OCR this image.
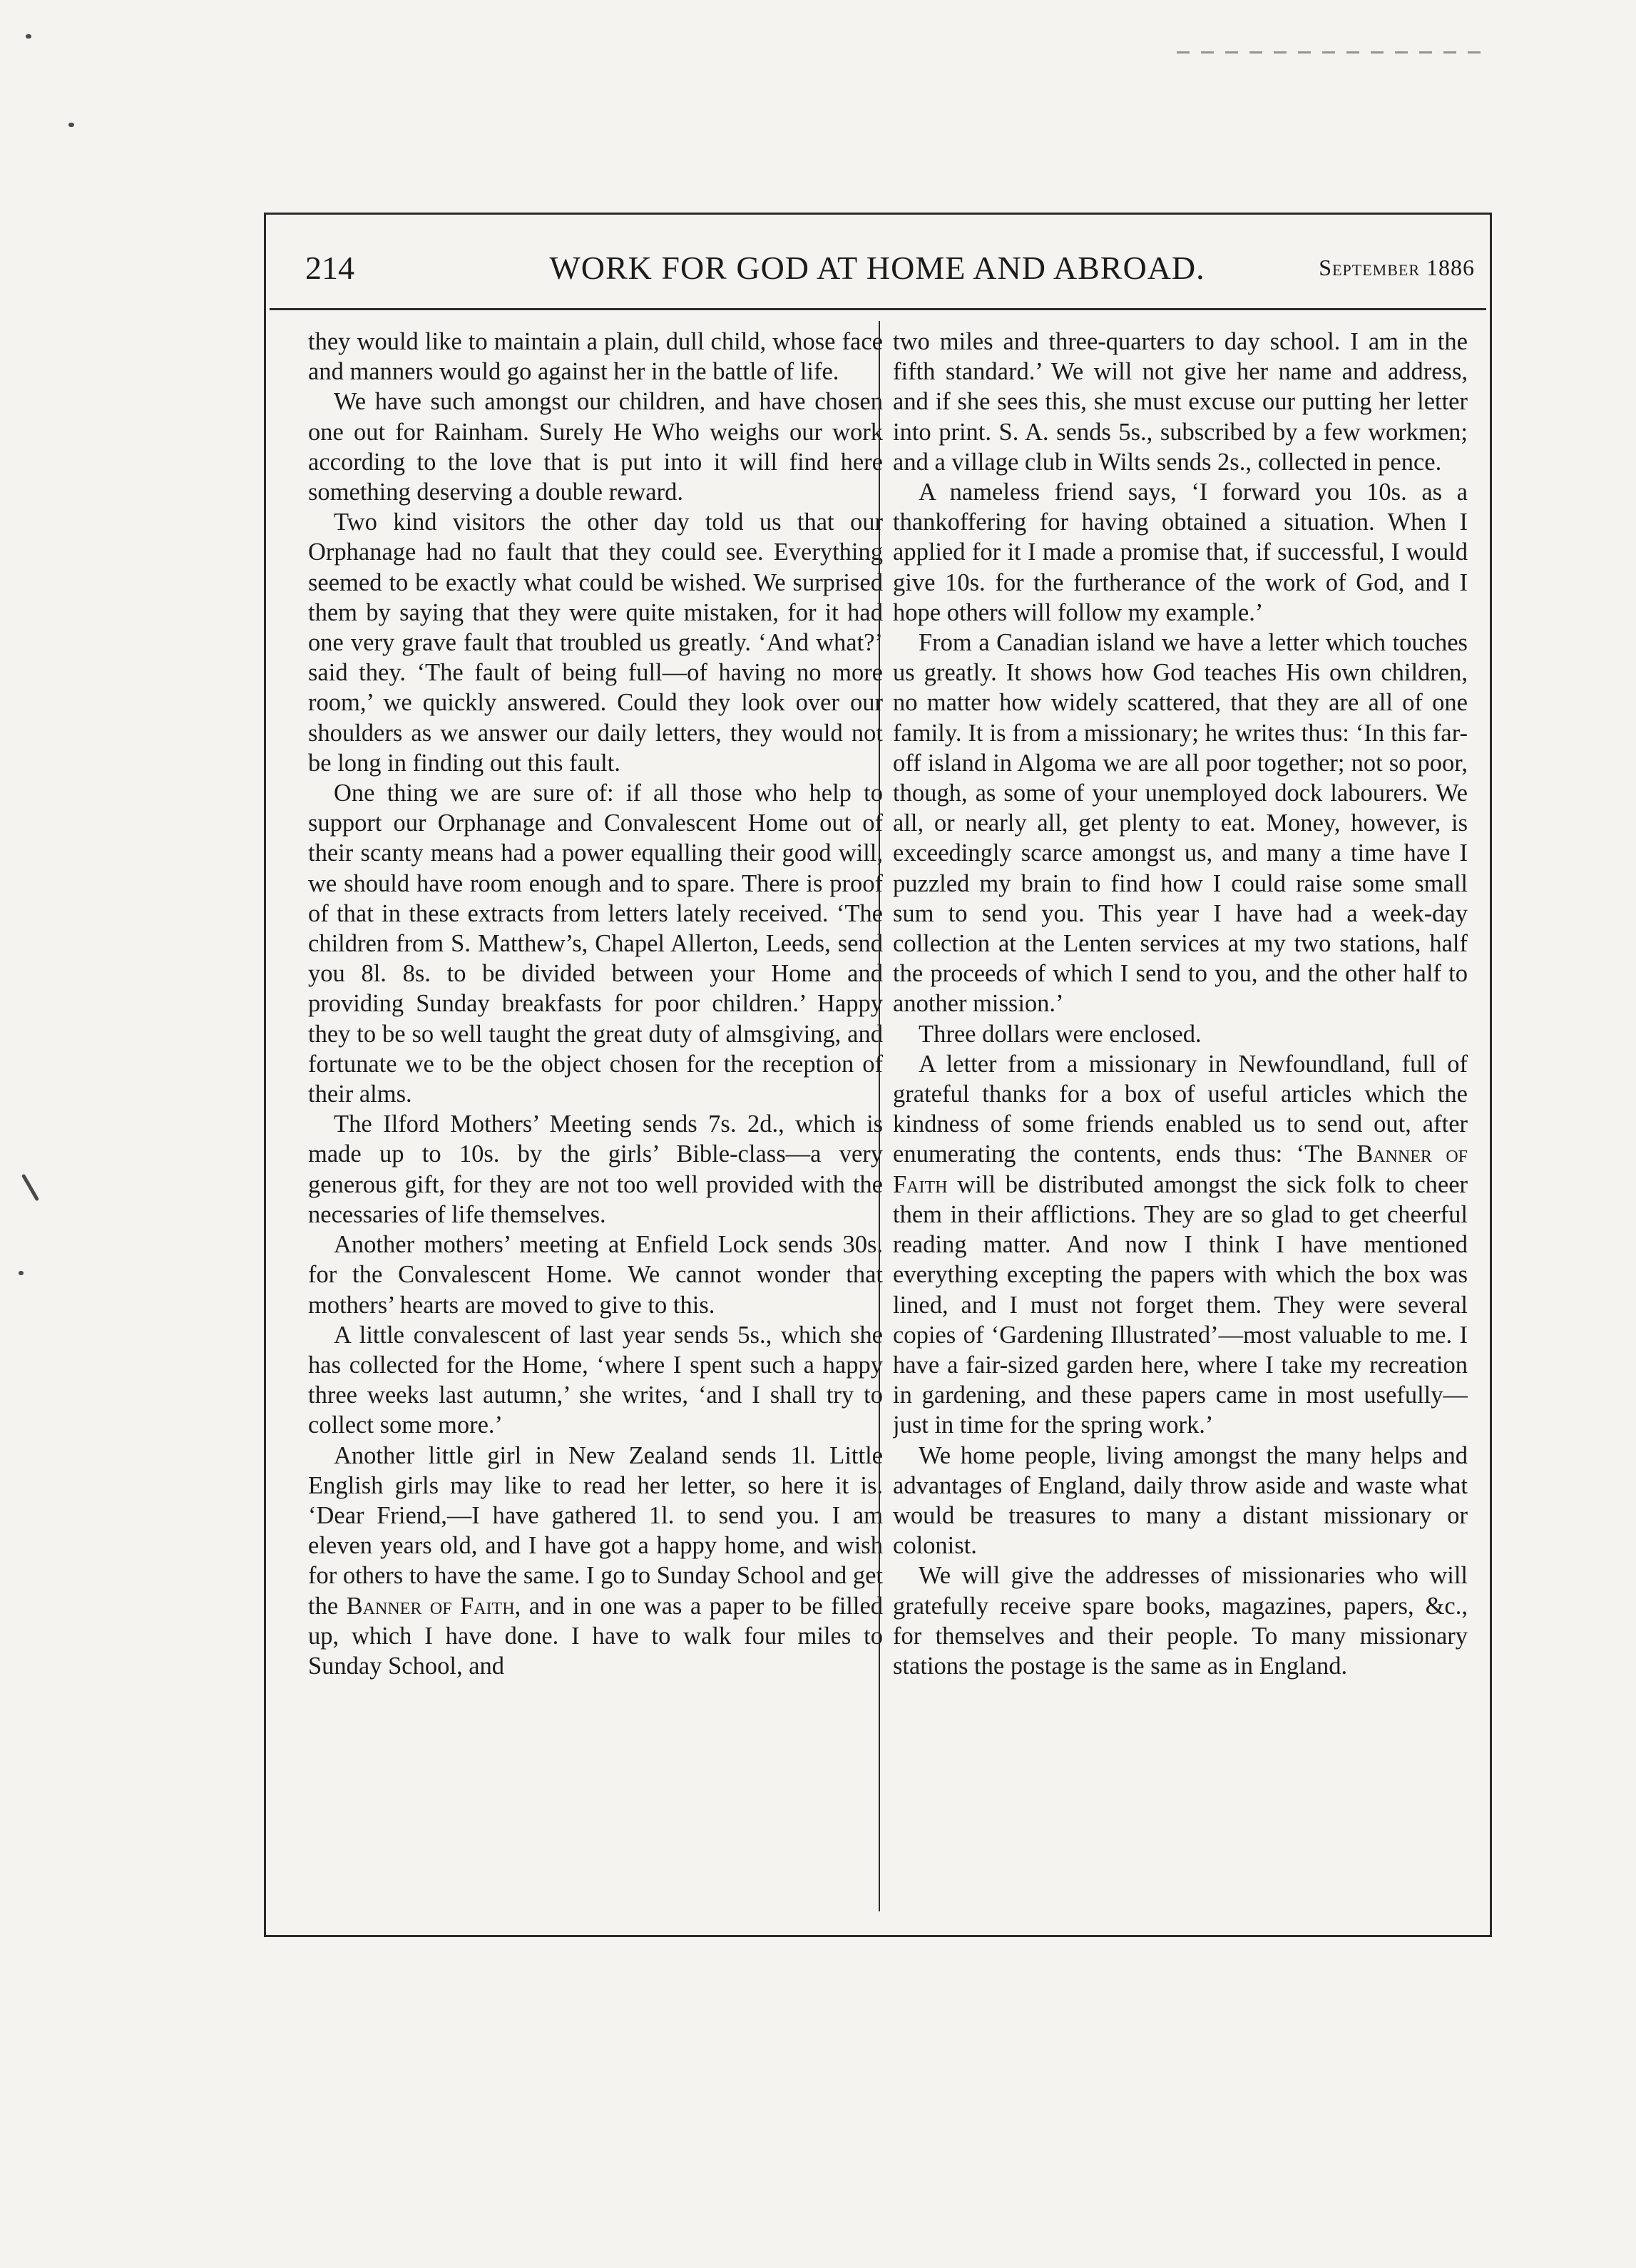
214	WORK FOR GOD AT HOME AND ABROAD.	September 1886

they would like to maintain a plain, dull child, whose face and manners would go against her in the battle of life.

We have such amongst our children, and have chosen one out for Rainham. Surely He Who weighs our work according to the love that is put into it will find here something deserving a double reward.

Two kind visitors the other day told us that our Orphanage had no fault that they could see. Everything seemed to be exactly what could be wished. We surprised them by saying that they were quite mistaken, for it had one very grave fault that troubled us greatly. ‘And what?’ said they. ‘The fault of being full—of having no more room,’ we quickly answered. Could they look over our shoulders as we answer our daily letters, they would not be long in finding out this fault.

One thing we are sure of: if all those who help to support our Orphanage and Convalescent Home out of their scanty means had a power equalling their good will, we should have room enough and to spare. There is proof of that in these extracts from letters lately received. ‘The children from S. Matthew’s, Chapel Allerton, Leeds, send you 8l. 8s. to be divided between your Home and providing Sunday breakfasts for poor children.’ Happy they to be so well taught the great duty of almsgiving, and fortunate we to be the object chosen for the reception of their alms.

The Ilford Mothers’ Meeting sends 7s. 2d., which is made up to 10s. by the girls’ Bible-class—a very generous gift, for they are not too well provided with the necessaries of life themselves.

Another mothers’ meeting at Enfield Lock sends 30s. for the Convalescent Home. We cannot wonder that mothers’ hearts are moved to give to this.

A little convalescent of last year sends 5s., which she has collected for the Home, ‘where I spent such a happy three weeks last autumn,’ she writes, ‘and I shall try to collect some more.’

Another little girl in New Zealand sends 1l. Little English girls may like to read her letter, so here it is. ‘Dear Friend,—I have gathered 1l. to send you. I am eleven years old, and I have got a happy home, and wish for others to have the same. I go to Sunday School and get the Banner of Faith, and in one was a paper to be filled up, which I have done. I have to walk four miles to Sunday School, and

two miles and three-quarters to day school. I am in the fifth standard.’ We will not give her name and address, and if she sees this, she must excuse our putting her letter into print. S. A. sends 5s., subscribed by a few workmen; and a village club in Wilts sends 2s., collected in pence.

A nameless friend says, ‘I forward you 10s. as a thankoffering for having obtained a situation. When I applied for it I made a promise that, if successful, I would give 10s. for the furtherance of the work of God, and I hope others will follow my example.’

From a Canadian island we have a letter which touches us greatly. It shows how God teaches His own children, no matter how widely scattered, that they are all of one family. It is from a missionary; he writes thus: ‘In this far-off island in Algoma we are all poor together; not so poor, though, as some of your unemployed dock labourers. We all, or nearly all, get plenty to eat. Money, however, is exceedingly scarce amongst us, and many a time have I puzzled my brain to find how I could raise some small sum to send you. This year I have had a week-day collection at the Lenten services at my two stations, half the proceeds of which I send to you, and the other half to another mission.’

Three dollars were enclosed.

A letter from a missionary in Newfoundland, full of grateful thanks for a box of useful articles which the kindness of some friends enabled us to send out, after enumerating the contents, ends thus: ‘The Banner of Faith will be distributed amongst the sick folk to cheer them in their afflictions. They are so glad to get cheerful reading matter. And now I think I have mentioned everything excepting the papers with which the box was lined, and I must not forget them. They were several copies of ‘Gardening Illustrated’—most valuable to me. I have a fair-sized garden here, where I take my recreation in gardening, and these papers came in most usefully—just in time for the spring work.’

We home people, living amongst the many helps and advantages of England, daily throw aside and waste what would be treasures to many a distant missionary or colonist.

We will give the addresses of missionaries who will gratefully receive spare books, magazines, papers, &c., for themselves and their people. To many missionary stations the postage is the same as in England.
